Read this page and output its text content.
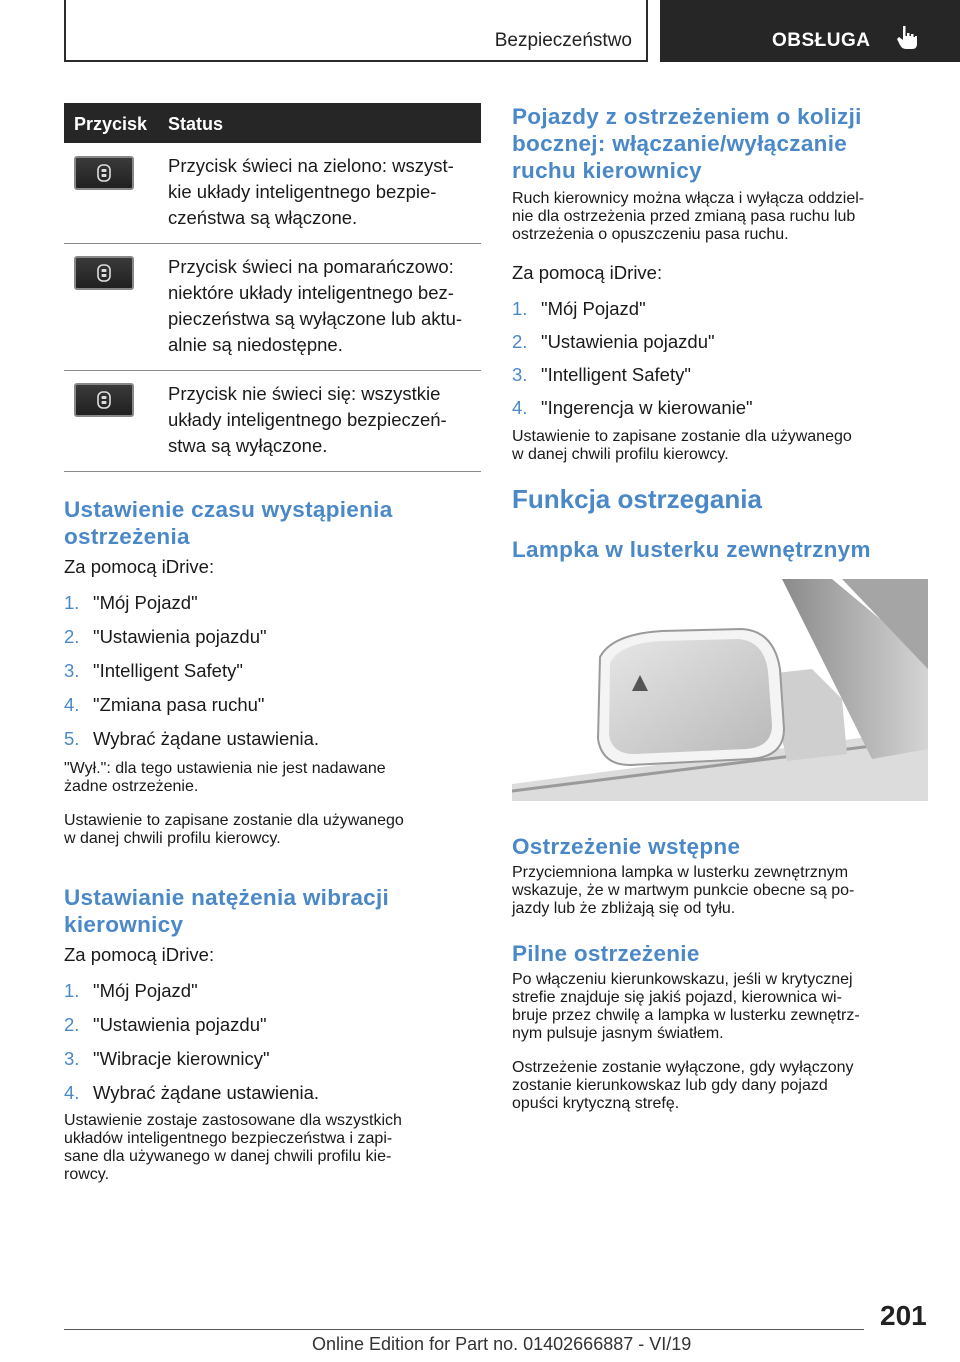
Bezpieczeństwo	OBSŁUGA
Przycisk Status
Przycisk świeci na zielono: wszyst-
kie układy inteligentnego bezpie-
czeństwa są włączone.
Przycisk świeci na pomarańczowo:
niektóre układy inteligentnego bez-
pieczeństwa są wyłączone lub aktu-
alnie są niedostępne.
Przycisk nie świeci się: wszystkie
układy inteligentnego bezpieczeń-
stwa są wyłączone.
Ustawienie czasu wystąpienia
ostrzeżenia

Za pomocą iDrive:

1. "Mój Pojazd"
2. "Ustawienia pojazdu"
3. "Intelligent Safety"
4. "Zmiana pasa ruchu"
5. Wybrać żądane ustawienia.

"Wył.": dla tego ustawienia nie jest nadawane
żadne ostrzeżenie.

Ustawienie to zapisane zostanie dla używanego
w danej chwili profilu kierowcy.

Ustawianie natężenia wibracji
kierownicy

Za pomocą iDrive:

1. "Mój Pojazd"
2. "Ustawienia pojazdu"
3. "Wibracje kierownicy"
4. Wybrać żądane ustawienia.

Ustawienie zostaje zastosowane dla wszystkich
układów inteligentnego bezpieczeństwa i zapi-
sane dla używanego w danej chwili profilu kie-
rowcy.

Pojazdy z ostrzeżeniem o kolizji
bocznej: włączanie/wyłączanie
ruchu kierownicy

Ruch kierownicy można włącza i wyłącza oddziel-
nie dla ostrzeżenia przed zmianą pasa ruchu lub
ostrzeżenia o opuszczeniu pasa ruchu.

Za pomocą iDrive:

1. "Mój Pojazd"
2. "Ustawienia pojazdu"
3. "Intelligent Safety"
4. "Ingerencja w kierowanie"

Ustawienie to zapisane zostanie dla używanego
w danej chwili profilu kierowcy.

Funkcja ostrzegania
Lampka w lusterku zewnętrznym
Ostrzeżenie wstępne

Przyciemniona lampka w lusterku zewnętrznym
wskazuje, że w martwym punkcie obecne są po-
jazdy lub że zbliżają się od tyłu.

Pilne ostrzeżenie

Po włączeniu kierunkowskazu, jeśli w krytycznej
strefie znajduje się jakiś pojazd, kierownica wi-
bruje przez chwilę a lampka w lusterku zewnętrz-
nym pulsuje jasnym światłem.

Ostrzeżenie zostanie wyłączone, gdy wyłączony
zostanie kierunkowskaz lub gdy dany pojazd
opuści krytyczną strefę.

201
Online Edition for Part no. 01402666887 - VI/19
